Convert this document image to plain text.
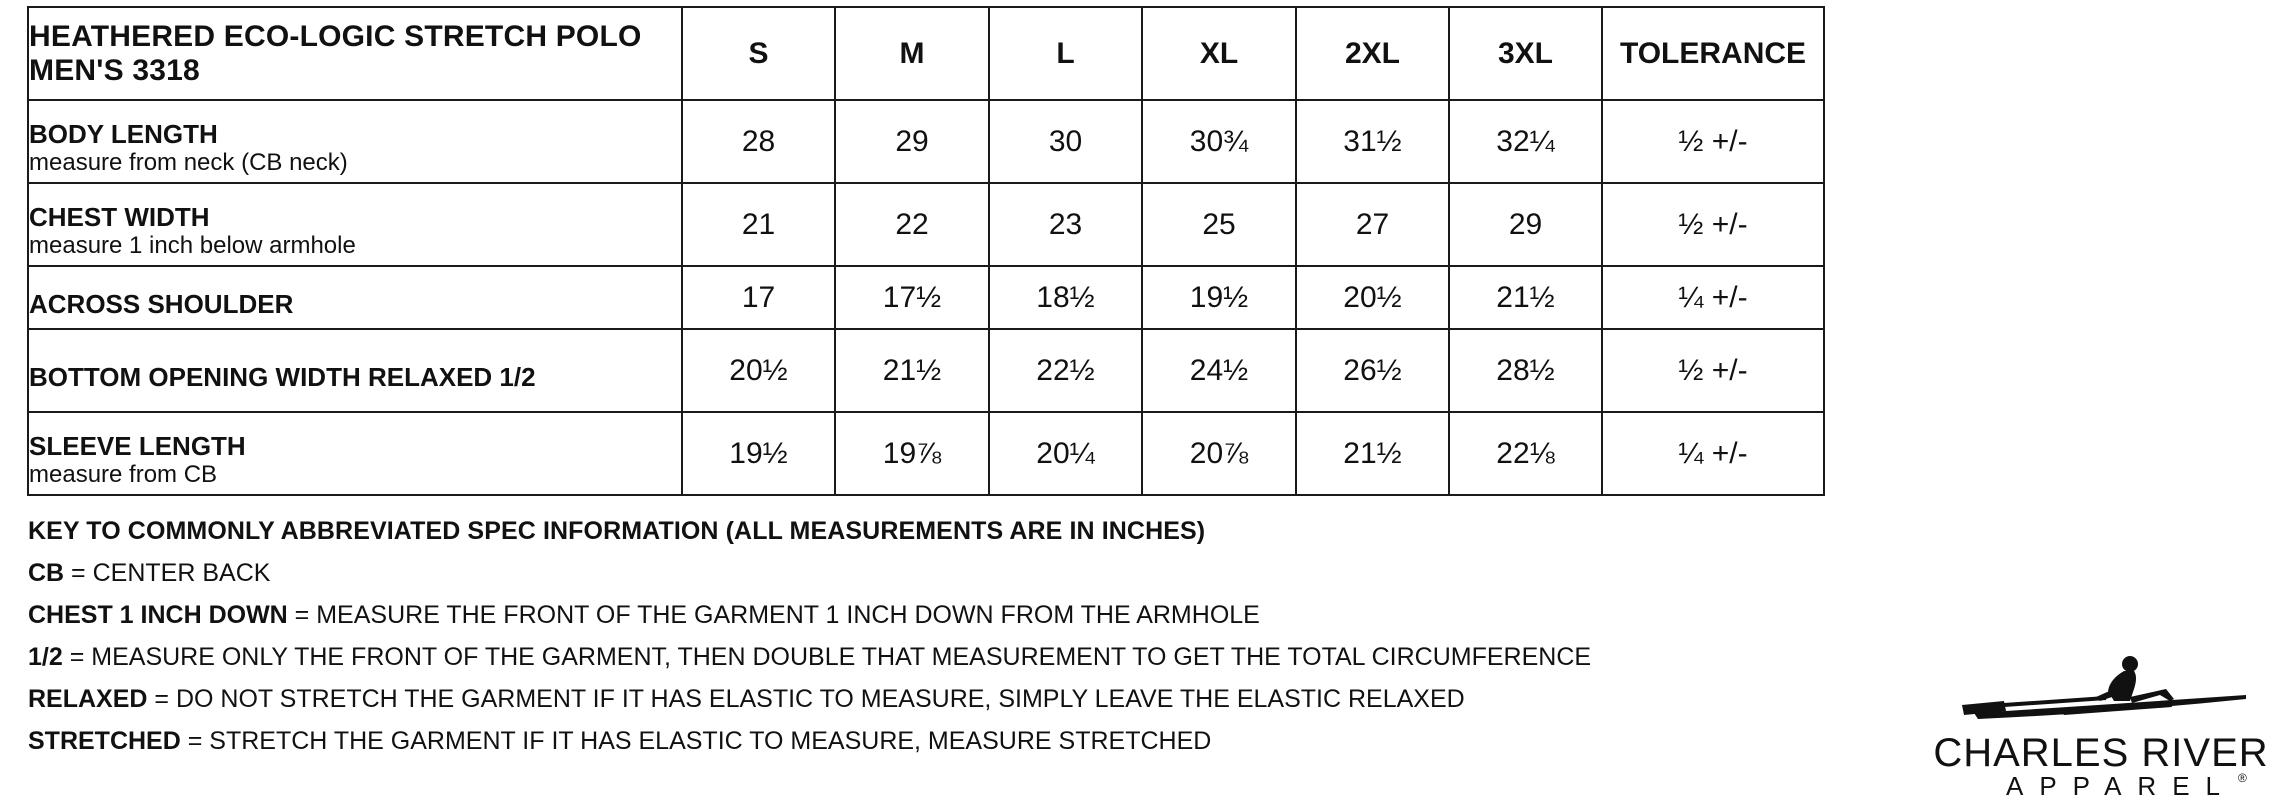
HEATHERED ECO-LOGIC STRETCH POLO
MEN'S 3318	S	M	L	XL	2XL	3XL	TOLERANCE

BODY LENGTH
measure from neck (CB neck)	28	29	30	30¾	31½	32¼	½ +/-

CHEST WIDTH
measure 1 inch below armhole	21	22	23	25	27	29	½ +/-

ACROSS SHOULDER	17	17½	18½	19½	20½	21½	¼ +/-

BOTTOM OPENING WIDTH RELAXED 1/2	20½	21½	22½	24½	26½	28½	½ +/-

SLEEVE LENGTH
measure from CB	19½	19⅞	20¼	20⅞	21½	22⅛	¼ +/-
KEY TO COMMONLY ABBREVIATED SPEC INFORMATION (ALL MEASUREMENTS ARE IN INCHES)
CB = CENTER BACK
CHEST 1 INCH DOWN = MEASURE THE FRONT OF THE GARMENT 1 INCH DOWN FROM THE ARMHOLE
1/2 = MEASURE ONLY THE FRONT OF THE GARMENT, THEN DOUBLE THAT MEASUREMENT TO GET THE TOTAL CIRCUMFERENCE
RELAXED = DO NOT STRETCH THE GARMENT IF IT HAS ELASTIC TO MEASURE, SIMPLY LEAVE THE ELASTIC RELAXED
STRETCHED = STRETCH THE GARMENT IF IT HAS ELASTIC TO MEASURE, MEASURE STRETCHED	CHARLES RIVER
APPAREL ®
